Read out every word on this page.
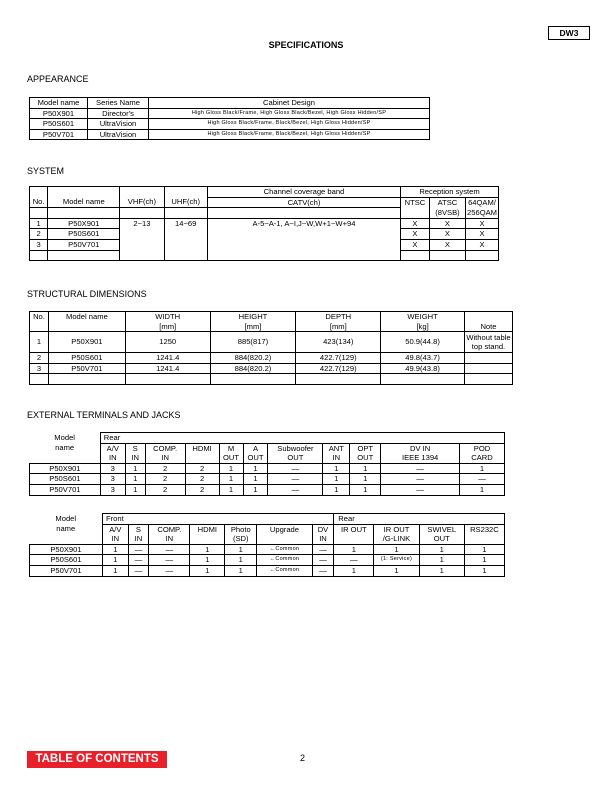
DW3
SPECIFICATIONS
APPEARANCE
Model name	Series Name	Cabinet Design
P50X901	Director's	High Gloss Black/Frame, High Gloss Black/Bezel, High Gloss Hidden/SP
P50S601	UltraVision	High Gloss Black/Frame, Black/Bezel, High Gloss Hidden/SP
P50V701	UltraVision	High Gloss Black/Frame, Black/Bezel, High Gloss Hidden/SP
SYSTEM
				Channel coverage band	Reception system		
No.	Model name	VHF(ch)	UHF(ch)	CATV(ch)	NTSC	ATSC	64QAM/
						(8VSB)	256QAM
1	P50X901	2~13	14~69	A-5~A-1, A~I,J~W,W+1~W+94	X	X	X
2	P50S601				X	X	X
3	P50V701				X	X	X

STRUCTURAL DIMENSIONS
No.	Model name	WIDTH	HEIGHT	DEPTH	WEIGHT	
		[mm]	[mm]	[mm]	[kg]	Note
1	P50X901	1250	885(817)	423(134)	50.9(44.8)	Without table
top stand.

2	P50S601	1241.4	884(820.2)	422.7(129)	49.8(43.7)	
3	P50V701	1241.4	884(820.2)	422.7(129)	49.9(43.8)	

EXTERNAL TERMINALS AND JACKS
Model	Rear										
name	A/V	S	COMP.	HDMI	M	A	Subwoofer	ANT	OPT	DV IN	POD
	IN	IN	IN		OUT	OUT	OUT	IN	OUT	IEEE 1394	CARD
P50X901	3	1	2	2	1	1	—	1	1	—	1
P50S601	3	1	2	2	1	1	—	1	1	—	—
P50V701	3	1	2	2	1	1	—	1	1	—	1
Model	Front							Rear			
name	A/V	S	COMP.	HDMI	Photo	Upgrade	DV	IR OUT	IR OUT	SWIVEL	RS232C
	IN	IN	IN		(SD)		IN		/G-LINK	OUT	
P50X901	1	—	—	1	1	←Common	—	1	1	1	1
P50S601	1	—	—	1	1	←Common	—	—	(1: Service)	1	1
P50V701	1	—	—	1	1	←Common	—	1	1	1	1
TABLE OF CONTENTS	2
